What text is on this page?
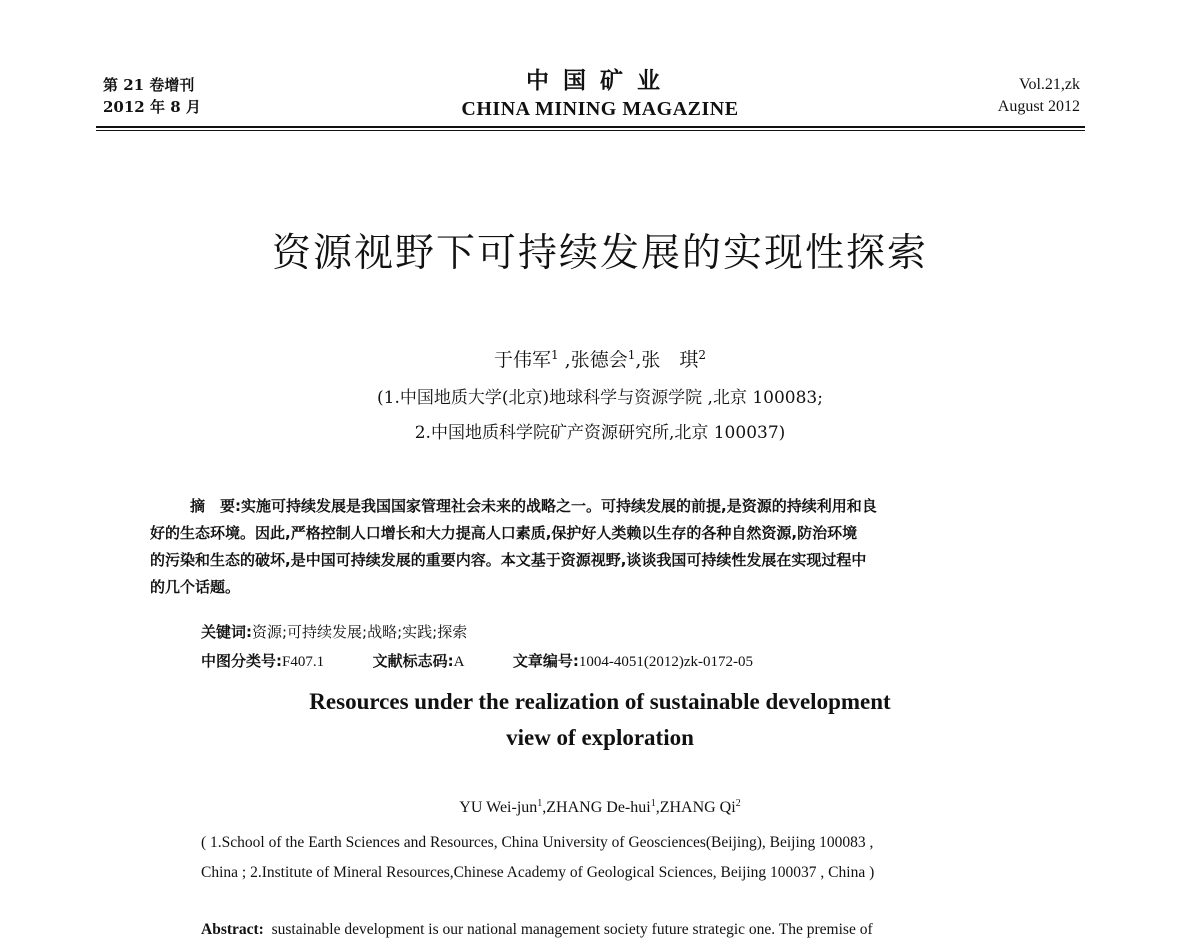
第 21 卷增刊
2012 年 8 月
中国矿业
CHINA MINING MAGAZINE
Vol.21,zk
August 2012
资源视野下可持续发展的实现性探索
于伟军$^1$ ,张德会$^1$,张　琪$^2$
(1.中国地质大学(北京)地球科学与资源学院 ,北京 100083;
2.中国地质科学院矿产资源研究所,北京 100037)
摘　要:实施可持续发展是我国国家管理社会未来的战略之一。可持续发展的前提,是资源的持续利用和良
好的生态环境。因此,严格控制人口增长和大力提高人口素质,保护好人类赖以生存的各种自然资源,防治环境
的污染和生态的破坏,是中国可持续发展的重要内容。本文基于资源视野,谈谈我国可持续性发展在实现过程中
的几个话题。
关键词:资源;可持续发展;战略;实践;探索
中图分类号:F407.1	文献标志码:A	文章编号:1004-4051(2012)zk-0172-05
Resources under the realization of sustainable development
view of exploration
YU Wei-jun$^1$,ZHANG De-hui$^1$,ZHANG Qi$^2$
( 1.School of the Earth Sciences and Resources, China University of Geosciences(Beijing), Beijing 100083 ,
China ; 2.Institute of Mineral Resources,Chinese Academy of Geological Sciences, Beijing 100037 , China )
Abstract: sustainable development is our national management society future strategic one. The premise of
